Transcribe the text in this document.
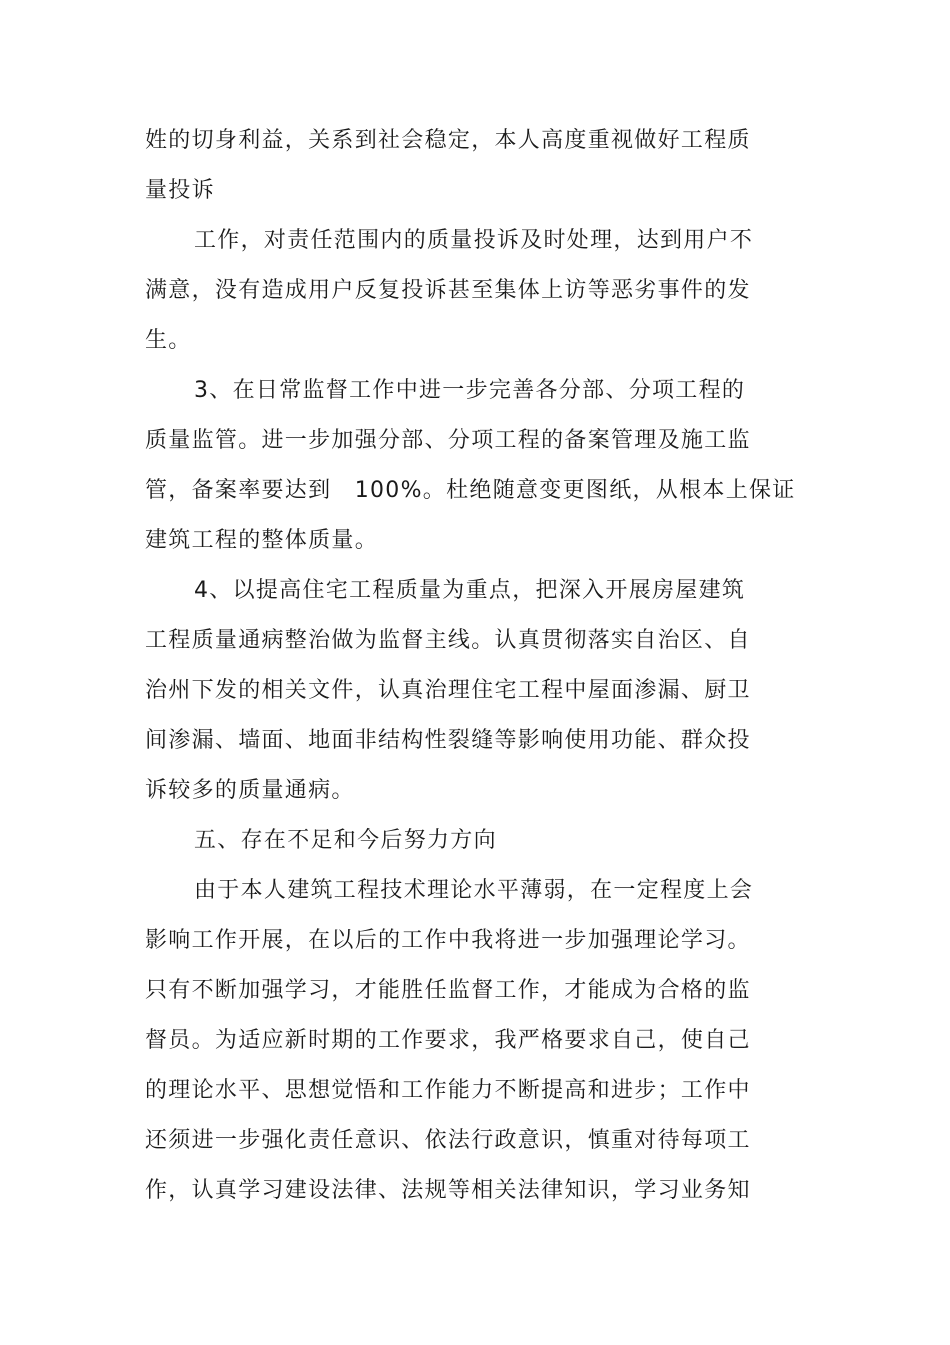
姓的切身利益，关系到社会稳定，本人高度重视做好工程质

量投诉

工作，对责任范围内的质量投诉及时处理，达到用户不

满意，没有造成用户反复投诉甚至集体上访等恶劣事件的发

生。

3、在日常监督工作中进一步完善各分部、分项工程的

质量监管。进一步加强分部、分项工程的备案管理及施工监

管，备案率要达到　100%。杜绝随意变更图纸，从根本上保证

建筑工程的整体质量。

4、以提高住宅工程质量为重点，把深入开展房屋建筑

工程质量通病整治做为监督主线。认真贯彻落实自治区、自

治州下发的相关文件，认真治理住宅工程中屋面渗漏、厨卫

间渗漏、墙面、地面非结构性裂缝等影响使用功能、群众投

诉较多的质量通病。

五、存在不足和今后努力方向

由于本人建筑工程技术理论水平薄弱，在一定程度上会

影响工作开展，在以后的工作中我将进一步加强理论学习。

只有不断加强学习，才能胜任监督工作，才能成为合格的监

督员。为适应新时期的工作要求，我严格要求自己，使自己

的理论水平、思想觉悟和工作能力不断提高和进步；工作中

还须进一步强化责任意识、依法行政意识，慎重对待每项工

作，认真学习建设法律、法规等相关法律知识，学习业务知
